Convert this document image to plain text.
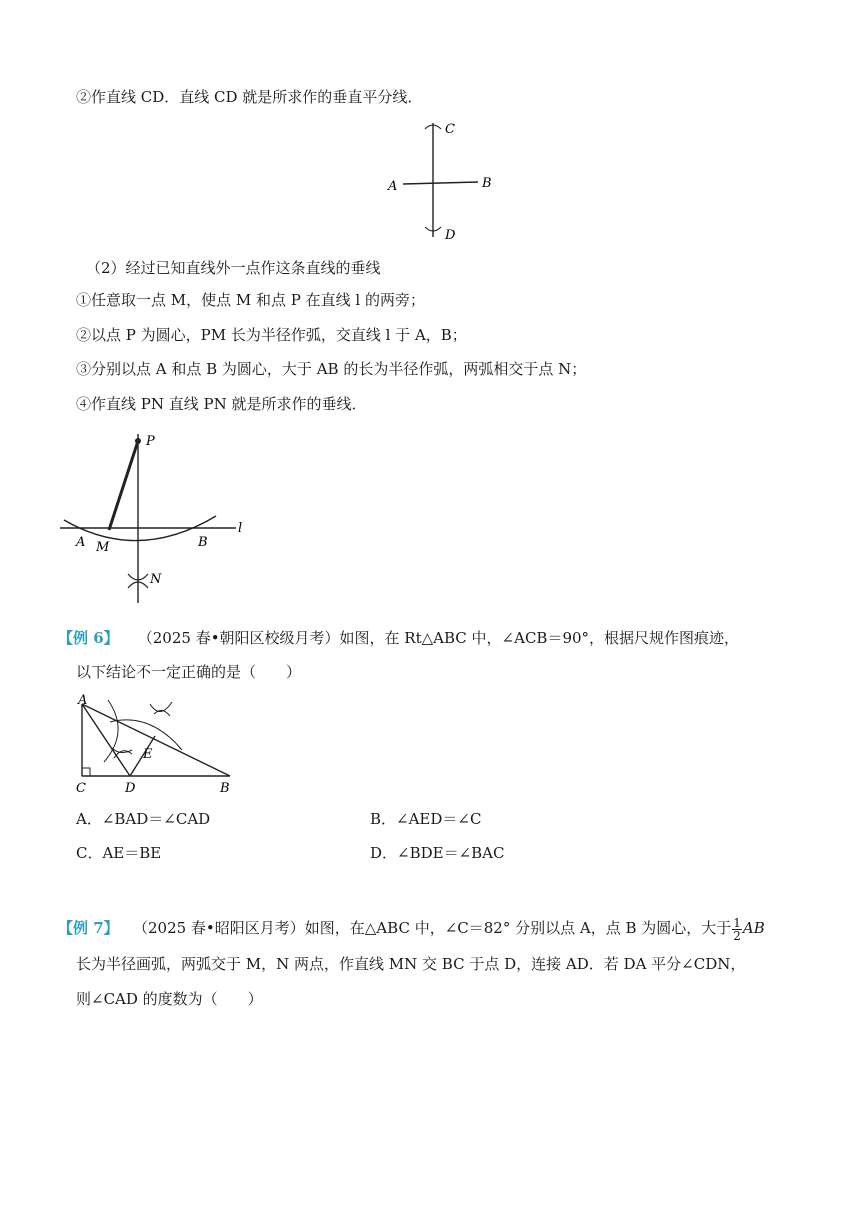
②作直线 CD．直线 CD 就是所求作的垂直平分线．
C
A	B
D
（2）经过已知直线外一点作这条直线的垂线
①任意取一点 M，使点 M 和点 P 在直线 l 的两旁；
②以点 P 为圆心，PM 长为半径作弧，交直线 l 于 A，B；
③分别以点 A 和点 B 为圆心，大于 AB 的长为半径作弧，两弧相交于点 N；
④作直线 PN 直线 PN 就是所求作的垂线．
P
l
A M	B
N
【例 6】 （2025 春•朝阳区校级月考）如图，在 Rt△ABC 中，∠ACB＝90°，根据尺规作图痕迹，
以下结论不一定正确的是（　　）
A
C	D
E
B
A．∠BAD＝∠CAD	B．∠AED＝∠C
C．AE＝BE	D．∠BDE＝∠BAC
【例 7】 （2025 春•昭阳区月考）如图，在△ABC 中，∠C＝82° 分别以点 A，点 B 为圆心，大于 $\frac{1}{2}$ AB
长为半径画弧，两弧交于 M，N 两点，作直线 MN 交 BC 于点 D，连接 AD．若 DA 平分∠CDN，
则∠CAD 的度数为（　　）
